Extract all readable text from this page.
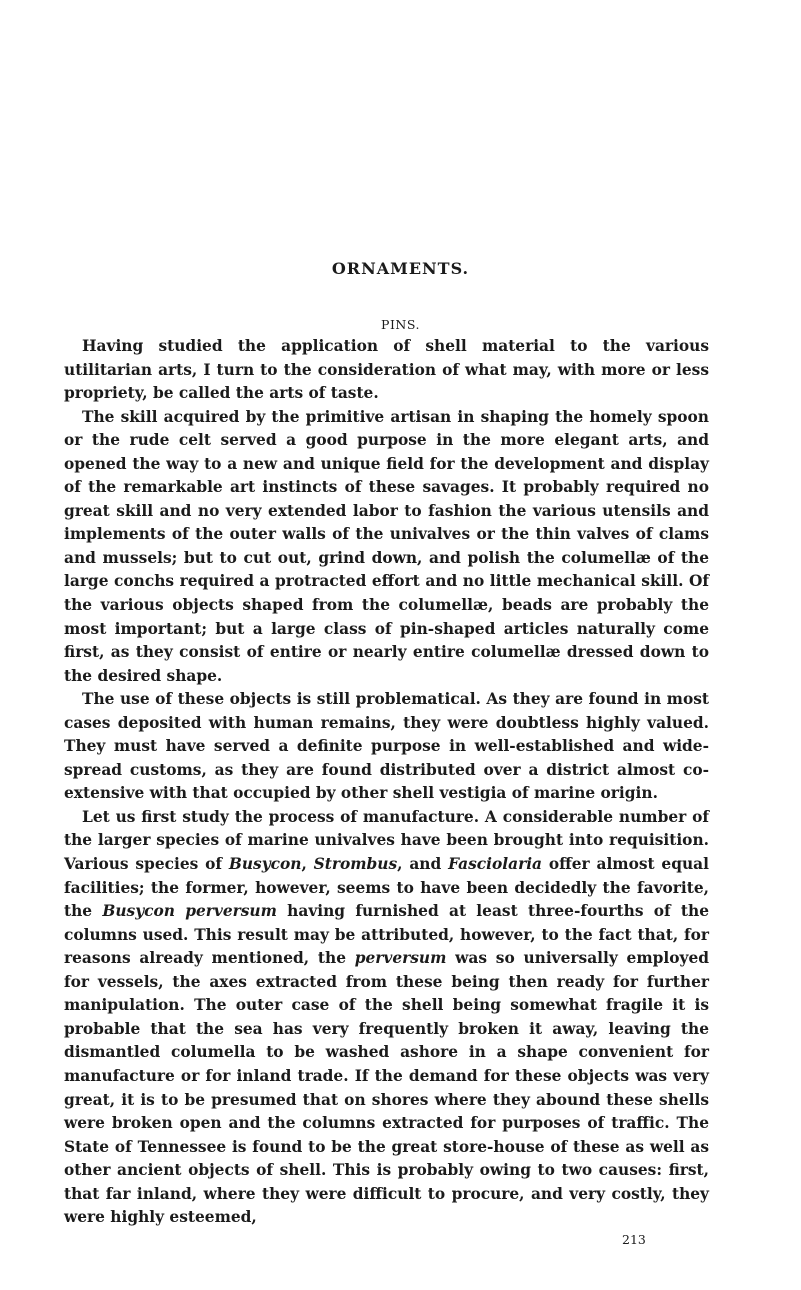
ORNAMENTS.
PINS.

Having studied the application of shell material to the various utilitarian arts, I turn to the consideration of what may, with more or less propriety, be called the arts of taste.

The skill acquired by the primitive artisan in shaping the homely spoon or the rude celt served a good purpose in the more elegant arts, and opened the way to a new and unique field for the development and display of the remarkable art instincts of these savages. It probably required no great skill and no very extended labor to fashion the various utensils and implements of the outer walls of the univalves or the thin valves of clams and mussels; but to cut out, grind down, and polish the columellæ of the large conchs required a protracted effort and no little mechanical skill. Of the various objects shaped from the columellæ, beads are probably the most important; but a large class of pin-shaped articles naturally come first, as they consist of entire or nearly entire columellæ dressed down to the desired shape.

The use of these objects is still problematical. As they are found in most cases deposited with human remains, they were doubtless highly valued. They must have served a definite purpose in well-established and wide-spread customs, as they are found distributed over a district almost co-extensive with that occupied by other shell vestigia of marine origin.

Let us first study the process of manufacture. A considerable number of the larger species of marine univalves have been brought into requisition. Various species of Busycon, Strombus, and Fasciolaria offer almost equal facilities; the former, however, seems to have been decidedly the favorite, the Busycon perversum having furnished at least three-fourths of the columns used. This result may be attributed, however, to the fact that, for reasons already mentioned, the perversum was so universally employed for vessels, the axes extracted from these being then ready for further manipulation. The outer case of the shell being somewhat fragile it is probable that the sea has very frequently broken it away, leaving the dismantled columella to be washed ashore in a shape convenient for manufacture or for inland trade. If the demand for these objects was very great, it is to be presumed that on shores where they abound these shells were broken open and the columns extracted for purposes of traffic. The State of Tennessee is found to be the great store-house of these as well as other ancient objects of shell. This is probably owing to two causes: first, that far inland, where they were difficult to procure, and very costly, they were highly esteemed,

213
